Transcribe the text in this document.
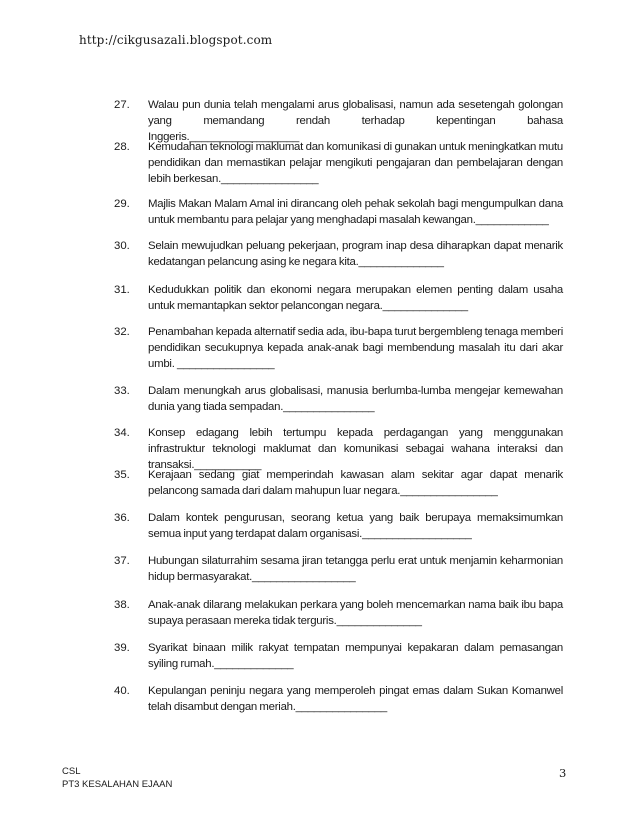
http://cikgusazali.blogspot.com
27.	Walau pun dunia telah mengalami arus globalisasi, namun ada sesetengah golongan yang memandang rendah terhadap kepentingan bahasa Inggeris.__________________
28.	Kemudahan teknologi maklumat dan komunikasi di gunakan untuk meningkatkan mutu pendidikan dan memastikan pelajar mengikuti pengajaran dan pembelajaran dengan lebih berkesan.________________
29.	Majlis Makan Malam Amal ini dirancang oleh pehak sekolah bagi mengumpulkan dana untuk membantu para pelajar yang menghadapi masalah kewangan.____________
30.	Selain mewujudkan peluang pekerjaan, program inap desa diharapkan dapat menarik kedatangan pelancung asing ke negara kita.______________
31.	Kedudukkan politik dan ekonomi negara merupakan elemen penting dalam usaha untuk memantapkan sektor pelancongan negara.______________
32.	Penambahan kepada alternatif sedia ada, ibu-bapa turut bergembleng tenaga memberi pendidikan secukupnya kepada anak-anak bagi membendung masalah itu dari akar umbi. ________________
33.	Dalam menungkah arus globalisasi, manusia berlumba-lumba mengejar kemewahan dunia yang tiada sempadan._______________
34.	Konsep edagang lebih tertumpu kepada perdagangan yang menggunakan infrastruktur teknologi maklumat dan komunikasi sebagai wahana interaksi dan transaksi.___________
35.	Kerajaan sedang giat memperindah kawasan alam sekitar agar dapat menarik pelancong samada dari dalam mahupun luar negara.________________
36.	Dalam kontek pengurusan, seorang ketua yang baik berupaya memaksimumkan semua input yang terdapat dalam organisasi.__________________
37.	Hubungan silaturrahim sesama jiran tetangga perlu erat untuk menjamin keharmonian hidup bermasyarakat._________________
38.	Anak-anak dilarang melakukan perkara yang boleh mencemarkan nama baik ibu bapa supaya perasaan mereka tidak terguris.______________
39.	Syarikat binaan milik rakyat tempatan mempunyai kepakaran dalam pemasangan syiling rumah._____________
40.	Kepulangan peninju negara yang memperoleh pingat emas dalam Sukan Komanwel telah disambut dengan meriah._______________
CSL
PT3 KESALAHAN EJAAN
3
